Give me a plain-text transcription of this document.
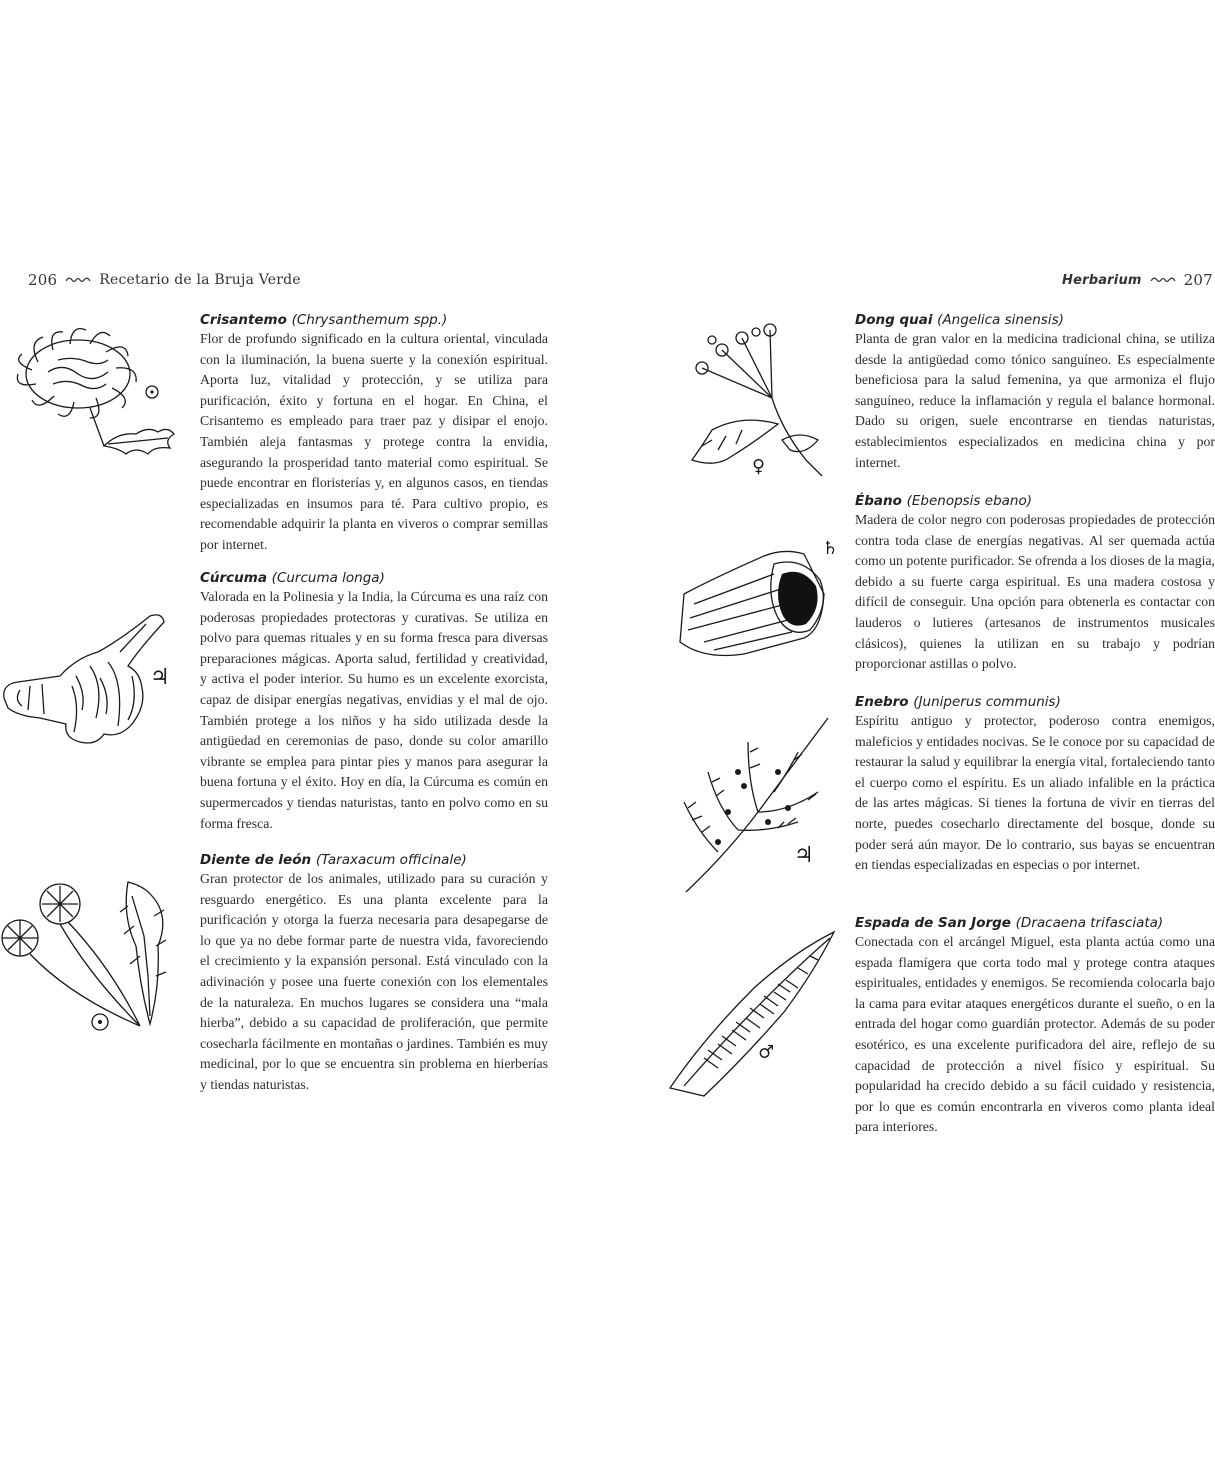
206	Recetario de la Bruja Verde
Crisantemo (Chrysanthemum spp.)

Flor de profundo significado en la cultura oriental, vinculada con la iluminación, la buena suerte y la conexión espiritual. Aporta luz, vitalidad y protección, y se utiliza para purificación, éxito y fortuna en el hogar. En China, el Crisantemo es empleado para traer paz y disipar el enojo. También aleja fantasmas y protege contra la envidia, asegurando la prosperidad tanto material como espiritual. Se puede encontrar en floristerías y, en algunos casos, en tiendas especializadas en insumos para té. Para cultivo propio, es recomendable adquirir la planta en viveros o comprar semillas por internet.

♃
Cúrcuma (Curcuma longa)

Valorada en la Polinesia y la India, la Cúrcuma es una raíz con poderosas propiedades protectoras y curativas. Se utiliza en polvo para quemas rituales y en su forma fresca para diversas preparaciones mágicas. Aporta salud, fertilidad y creatividad, y activa el poder interior. Su humo es un excelente exorcista, capaz de disipar energías negativas, envidias y el mal de ojo. También protege a los niños y ha sido utilizada desde la antigüedad en ceremonias de paso, donde su color amarillo vibrante se emplea para pintar pies y manos para asegurar la buena fortuna y el éxito. Hoy en día, la Cúrcuma es común en supermercados y tiendas naturistas, tanto en polvo como en su forma fresca.

Diente de león (Taraxacum officinale)

Gran protector de los animales, utilizado para su curación y resguardo energético. Es una planta excelente para la purificación y otorga la fuerza necesaria para desapegarse de lo que ya no debe formar parte de nuestra vida, favoreciendo el crecimiento y la expansión personal. Está vinculado con la adivinación y posee una fuerte conexión con los elementales de la naturaleza. En muchos lugares se considera una “mala hierba”, debido a su capacidad de proliferación, que permite cosecharla fácilmente en montañas o jardines. También es muy medicinal, por lo que se encuentra sin problema en hierberías y tiendas naturistas.

Herbarium	207
♀
Dong quai (Angelica sinensis)

Planta de gran valor en la medicina tradicional china, se utiliza desde la antigüedad como tónico sanguíneo. Es especialmente beneficiosa para la salud femenina, ya que armoniza el flujo sanguíneo, reduce la inflamación y regula el balance hormonal. Dado su origen, suele encontrarse en tiendas naturistas, establecimientos especializados en medicina china y por internet.

♄
Ébano (Ebenopsis ebano)

Madera de color negro con poderosas propiedades de protección contra toda clase de energías negativas. Al ser quemada actúa como un potente purificador. Se ofrenda a los dioses de la magia, debido a su fuerte carga espiritual. Es una madera costosa y difícil de conseguir. Una opción para obtenerla es contactar con lauderos o lutieres (artesanos de instrumentos musicales clásicos), quienes la utilizan en su trabajo y podrían proporcionar astillas o polvo.

♃
Enebro (Juniperus communis)

Espíritu antiguo y protector, poderoso contra enemigos, maleficios y entidades nocivas. Se le conoce por su capacidad de restaurar la salud y equilibrar la energía vital, fortaleciendo tanto el cuerpo como el espíritu. Es un aliado infalible en la práctica de las artes mágicas. Si tienes la fortuna de vivir en tierras del norte, puedes cosecharlo directamente del bosque, donde su poder será aún mayor. De lo contrario, sus bayas se encuentran en tiendas especializadas en especias o por internet.

♂
Espada de San Jorge (Dracaena trifasciata)

Conectada con el arcángel Miguel, esta planta actúa como una espada flamígera que corta todo mal y protege contra ataques espirituales, entidades y enemigos. Se recomienda colocarla bajo la cama para evitar ataques energéticos durante el sueño, o en la entrada del hogar como guardián protector. Además de su poder esotérico, es una excelente purificadora del aire, reflejo de su capacidad de protección a nivel físico y espiritual. Su popularidad ha crecido debido a su fácil cuidado y resistencia, por lo que es común encontrarla en viveros como planta ideal para interiores.
